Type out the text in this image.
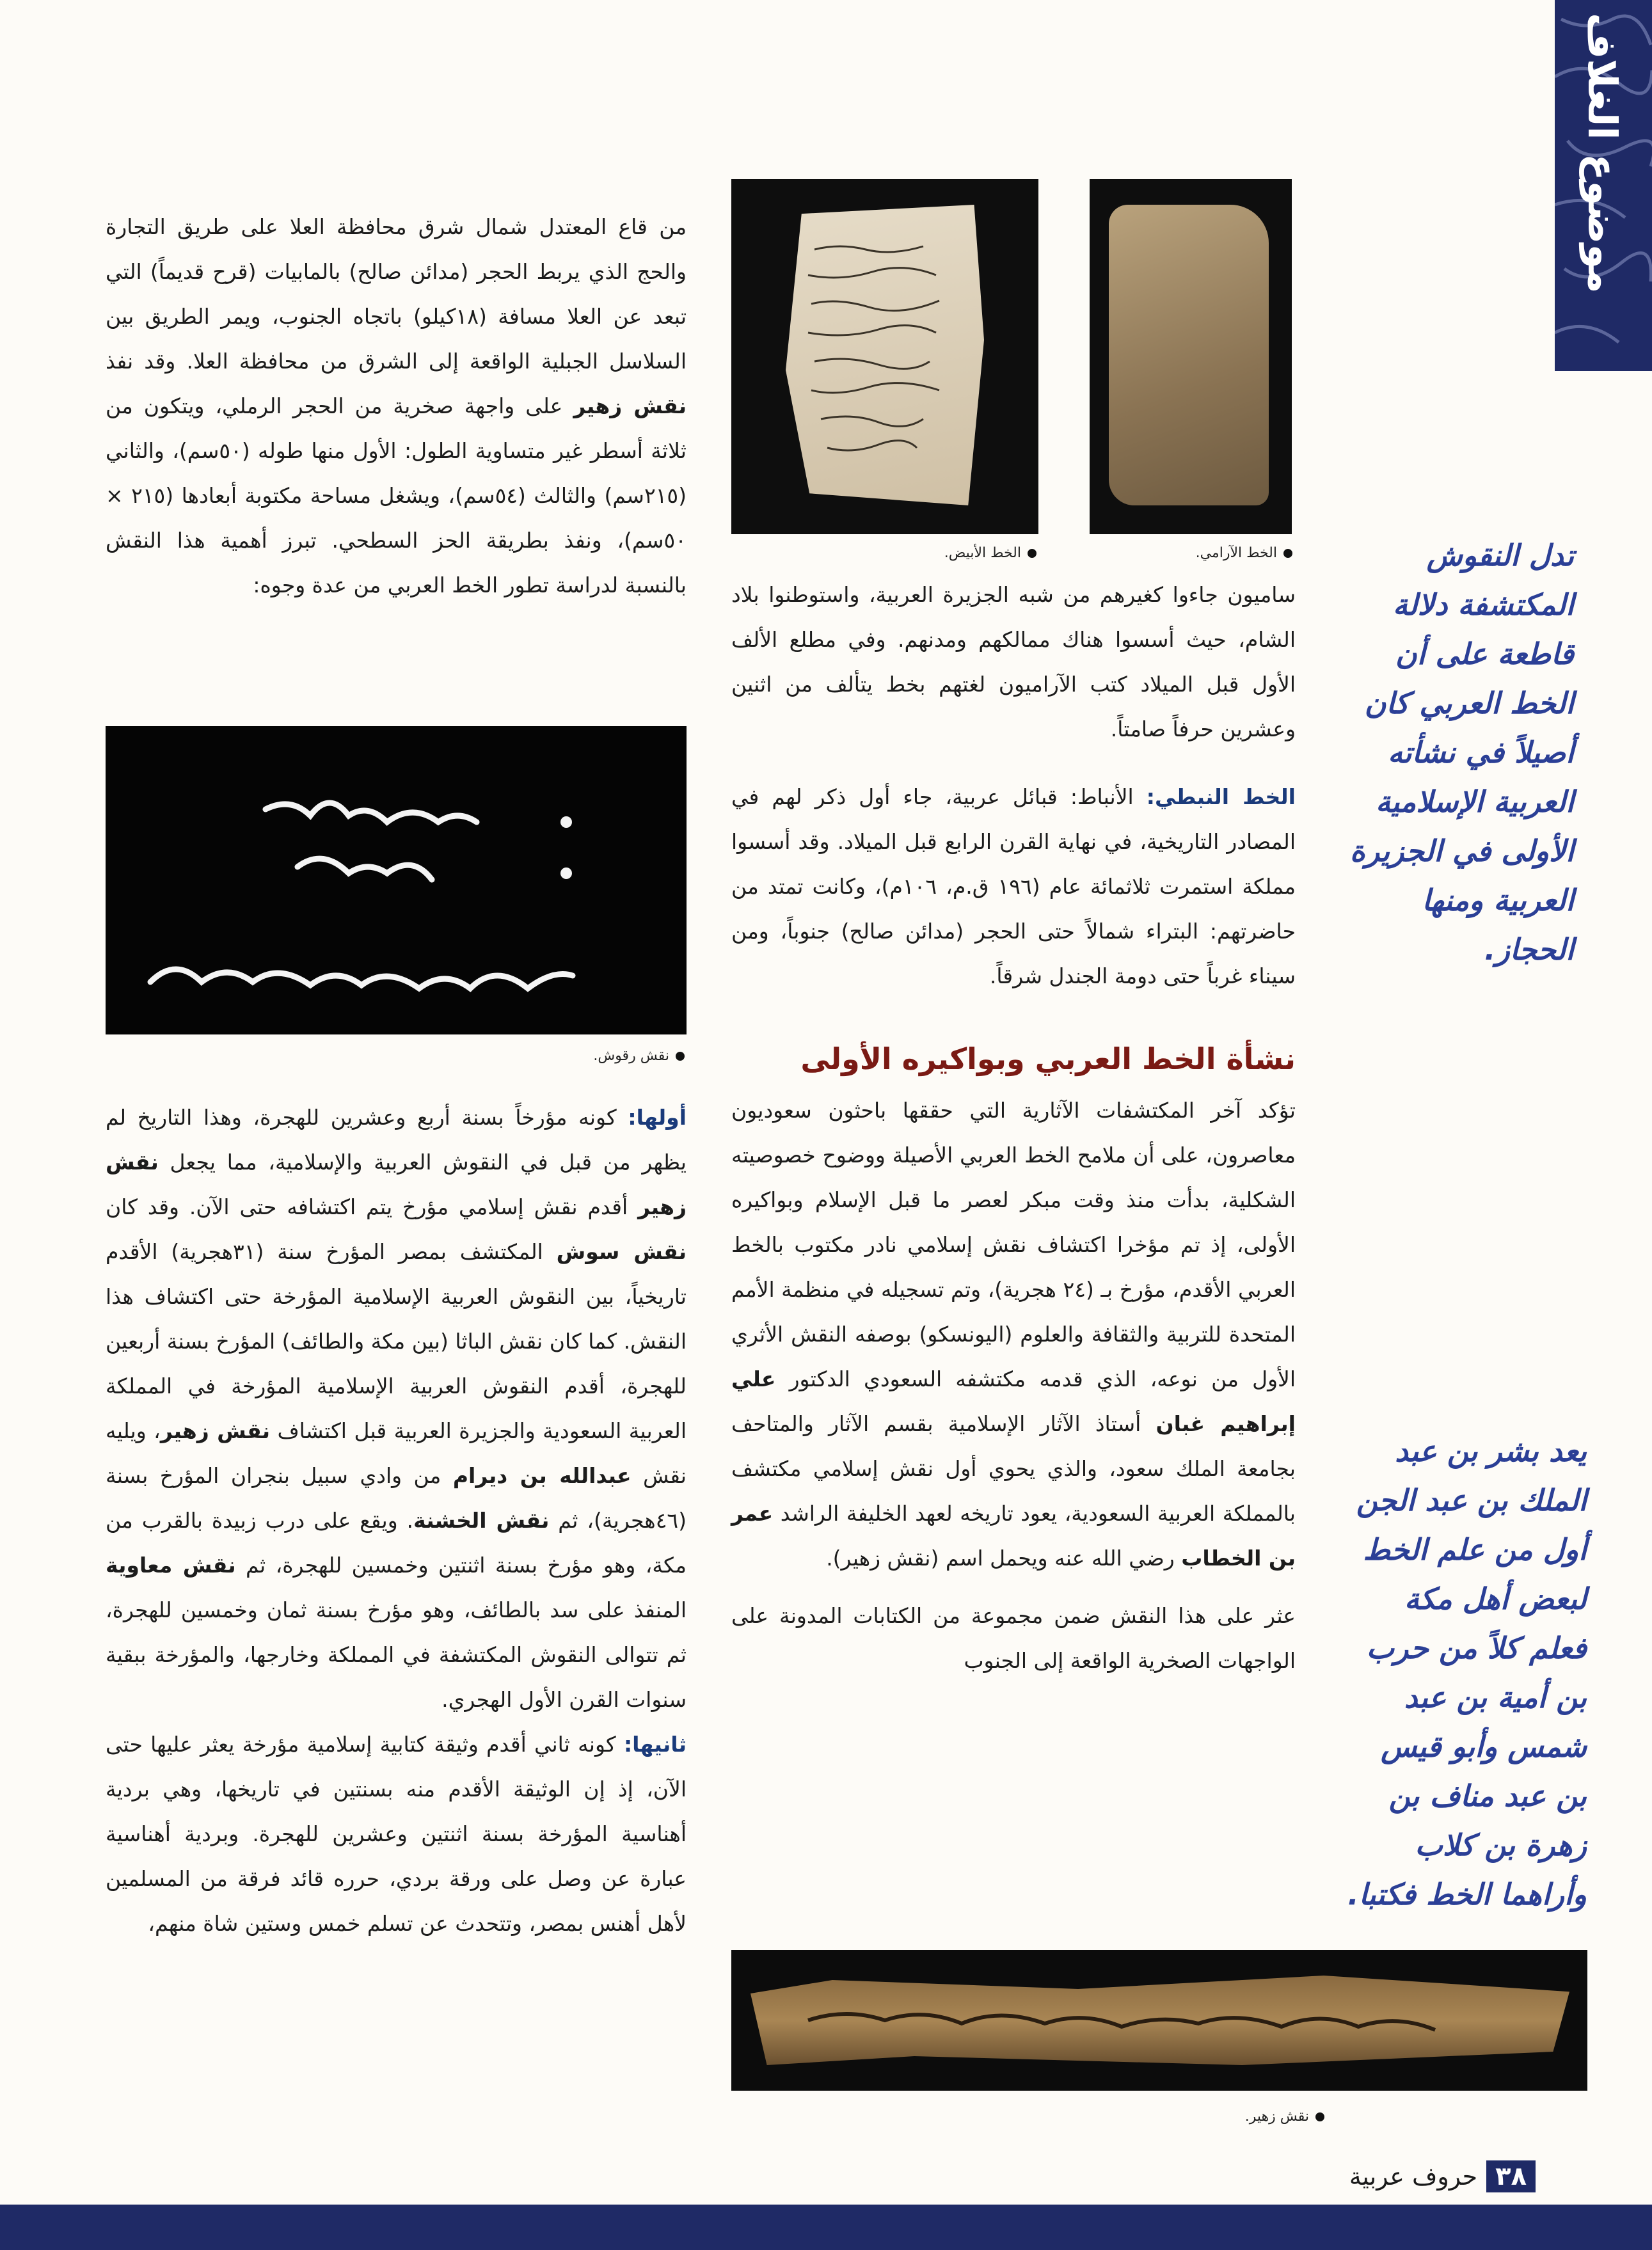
موضوع الغلاف
الخط الآرامي.
الخط الأبيض.

ساميون جاءوا كغيرهم من شبه الجزيرة العربية، واستوطنوا بلاد الشام، حيث أسسوا هناك ممالكهم ومدنهم. وفي مطلع الألف الأول قبل الميلاد كتب الآراميون لغتهم بخط يتألف من اثنين وعشرين حرفاً صامتاً.

الخط النبطي: الأنباط: قبائل عربية، جاء أول ذكر لهم في المصادر التاريخية، في نهاية القرن الرابع قبل الميلاد. وقد أسسوا مملكة استمرت ثلاثمائة عام (١٩٦ ق.م، ١٠٦م)، وكانت تمتد من حاضرتهم: البتراء شمالاً حتى الحجر (مدائن صالح) جنوباً، ومن سيناء غرباً حتى دومة الجندل شرقاً.

نشأة الخط العربي وبواكيره الأولى

تؤكد آخر المكتشفات الآثارية التي حققها باحثون سعوديون معاصرون، على أن ملامح الخط العربي الأصيلة ووضوح خصوصيته الشكلية، بدأت منذ وقت مبكر لعصر ما قبل الإسلام وبواكيره الأولى، إذ تم مؤخرا اكتشاف نقش إسلامي نادر مكتوب بالخط العربي الأقدم، مؤرخ بـ (٢٤ هجرية)، وتم تسجيله في منظمة الأمم المتحدة للتربية والثقافة والعلوم (اليونسكو) بوصفه النقش الأثري الأول من نوعه، الذي قدمه مكتشفه السعودي الدكتور علي إبراهيم غبان أستاذ الآثار الإسلامية بقسم الآثار والمتاحف بجامعة الملك سعود، والذي يحوي أول نقش إسلامي مكتشف بالمملكة العربية السعودية، يعود تاريخه لعهد الخليفة الراشد عمر بن الخطاب رضي الله عنه ويحمل اسم (نقش زهير).

عثر على هذا النقش ضمن مجموعة من الكتابات المدونة على الواجهات الصخرية الواقعة إلى الجنوب

من قاع المعتدل شمال شرق محافظة العلا على طريق التجارة والحج الذي يربط الحجر (مدائن صالح) بالمابيات (قرح قديماً) التي تبعد عن العلا مسافة (١٨كيلو) باتجاه الجنوب، ويمر الطريق بين السلاسل الجبلية الواقعة إلى الشرق من محافظة العلا. وقد نفذ نقش زهير على واجهة صخرية من الحجر الرملي، ويتكون من ثلاثة أسطر غير متساوية الطول: الأول منها طوله (٥٠سم)، والثاني (٢١٥سم) والثالث (٥٤سم)، ويشغل مساحة مكتوبة أبعادها (٢١٥ × ٥٠سم)، ونفذ بطريقة الحز السطحي. تبرز أهمية هذا النقش بالنسبة لدراسة تطور الخط العربي من عدة وجوه:

نقش رقوش.

أولها: كونه مؤرخاً بسنة أربع وعشرين للهجرة، وهذا التاريخ لم يظهر من قبل في النقوش العربية والإسلامية، مما يجعل نقش زهير أقدم نقش إسلامي مؤرخ يتم اكتشافه حتى الآن. وقد كان نقش سوش المكتشف بمصر المؤرخ سنة (٣١هجرية) الأقدم تاريخياً، بين النقوش العربية الإسلامية المؤرخة حتى اكتشاف هذا النقش. كما كان نقش الباثا (بين مكة والطائف) المؤرخ بسنة أربعين للهجرة، أقدم النقوش العربية الإسلامية المؤرخة في المملكة العربية السعودية والجزيرة العربية قبل اكتشاف نقش زهير، ويليه نقش عبدالله بن ديرام من وادي سبيل بنجران المؤرخ بسنة (٤٦هجرية)، ثم نقش الخشنة. ويقع على درب زبيدة بالقرب من مكة، وهو مؤرخ بسنة اثنتين وخمسين للهجرة، ثم نقش معاوية المنفذ على سد بالطائف، وهو مؤرخ بسنة ثمان وخمسين للهجرة، ثم تتوالى النقوش المكتشفة في المملكة وخارجها، والمؤرخة ببقية سنوات القرن الأول الهجري.

ثانيها: كونه ثاني أقدم وثيقة كتابية إسلامية مؤرخة يعثر عليها حتى الآن، إذ إن الوثيقة الأقدم منه بسنتين في تاريخها، وهي بردية أهناسية المؤرخة بسنة اثنتين وعشرين للهجرة. وبردية أهناسية عبارة عن وصل على ورقة بردي، حرره قائد فرقة من المسلمين لأهل أهنس بمصر، وتتحدث عن تسلم خمس وستين شاة منهم،

تدل النقوش المكتشفة دلالة قاطعة على أن الخط العربي كان أصيلاً في نشأته العربية الإسلامية الأولى في الجزيرة العربية ومنها الحجاز.
يعد بشر بن عبد الملك بن عبد الجن أول من علم الخط لبعض أهل مكة فعلم كلاً من حرب بن أمية بن عبد شمس وأبو قيس بن عبد مناف بن زهرة بن كلاب وأراهما الخط فكتبا.
نقش زهير.
٣٨
حروف عربية
